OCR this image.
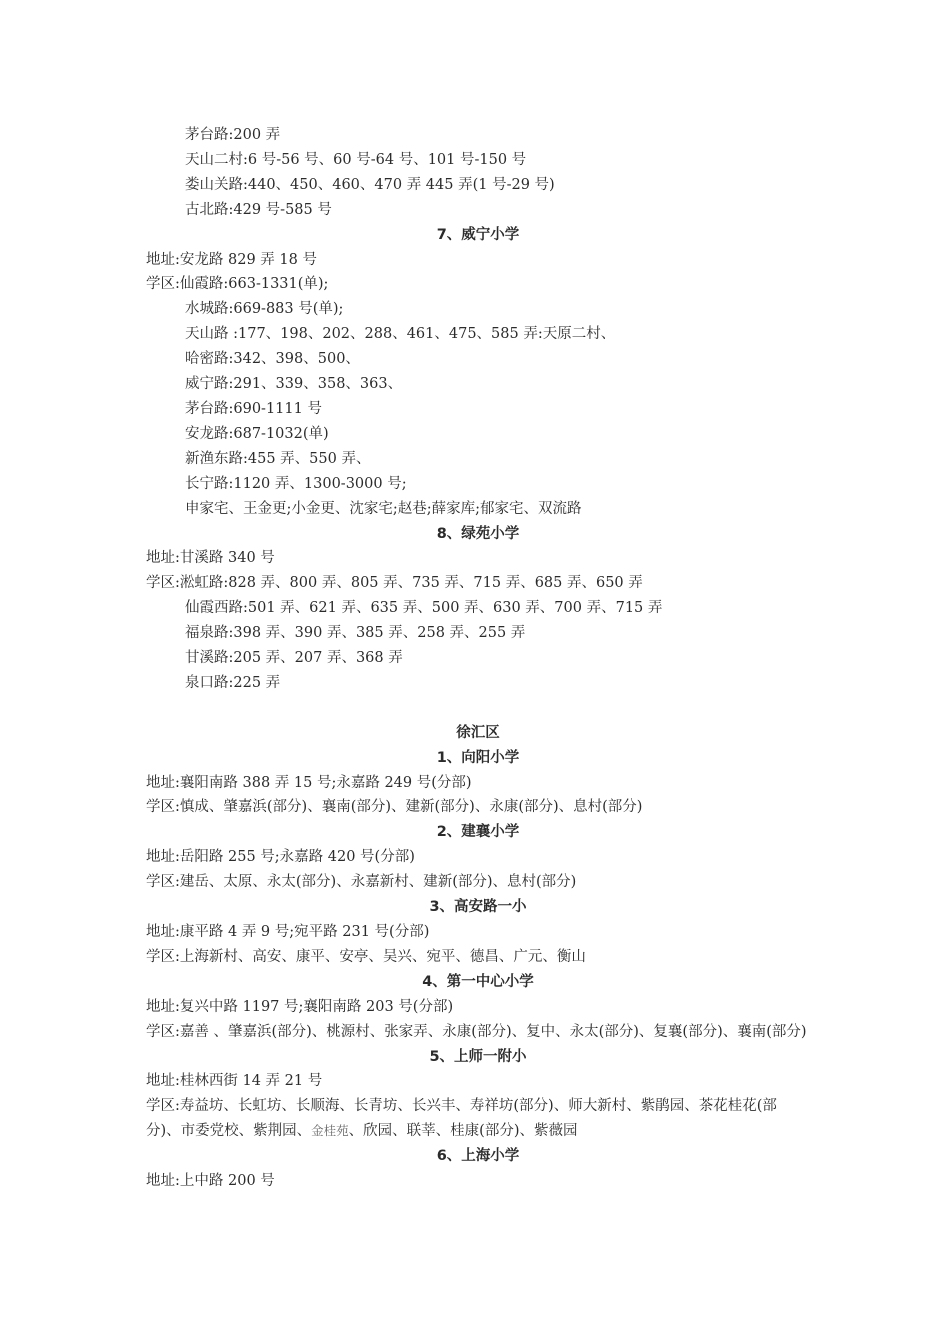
茅台路:200 弄
天山二村:6 号-56 号、60 号-64 号、101 号-150 号
娄山关路:440、450、460、470 弄 445 弄(1 号-29 号)
古北路:429 号-585 号
7、威宁小学
地址:安龙路 829 弄 18 号
学区:仙霞路:663-1331(单);
水城路:669-883 号(单);
天山路 :177、198、202、288、461、475、585 弄:天原二村、
哈密路:342、398、500、
威宁路:291、339、358、363、
茅台路:690-1111 号
安龙路:687-1032(单)
新渔东路:455 弄、550 弄、
长宁路:1120 弄、1300-3000 号;
申家宅、王金更;小金更、沈家宅;赵巷;薛家库;郁家宅、双流路
8、绿苑小学
地址:甘溪路 340 号
学区:淞虹路:828 弄、800 弄、805 弄、735 弄、715 弄、685 弄、650 弄
仙霞西路:501 弄、621 弄、635 弄、500 弄、630 弄、700 弄、715 弄
福泉路:398 弄、390 弄、385 弄、258 弄、255 弄
甘溪路:205 弄、207 弄、368 弄
泉口路:225 弄
徐汇区
1、向阳小学
地址:襄阳南路 388 弄 15 号;永嘉路 249 号(分部)
学区:慎成、肇嘉浜(部分)、襄南(部分)、建新(部分)、永康(部分)、息村(部分)
2、建襄小学
地址:岳阳路 255 号;永嘉路 420 号(分部)
学区:建岳、太原、永太(部分)、永嘉新村、建新(部分)、息村(部分)
3、高安路一小
地址:康平路 4 弄 9 号;宛平路 231 号(分部)
学区:上海新村、高安、康平、安亭、吴兴、宛平、德昌、广元、衡山
4、第一中心小学
地址:复兴中路 1197 号;襄阳南路 203 号(分部)
学区:嘉善 、肇嘉浜(部分)、桃源村、张家弄、永康(部分)、复中、永太(部分)、复襄(部分)、襄南(部分)
5、上师一附小
地址:桂林西街 14 弄 21 号
学区:寿益坊、长虹坊、长顺海、长青坊、长兴丰、寿祥坊(部分)、师大新村、紫鹃园、茶花桂花(部分)、市委党校、紫荆园、金桂苑、欣园、联莘、桂康(部分)、紫薇园
6、上海小学
地址:上中路 200 号
